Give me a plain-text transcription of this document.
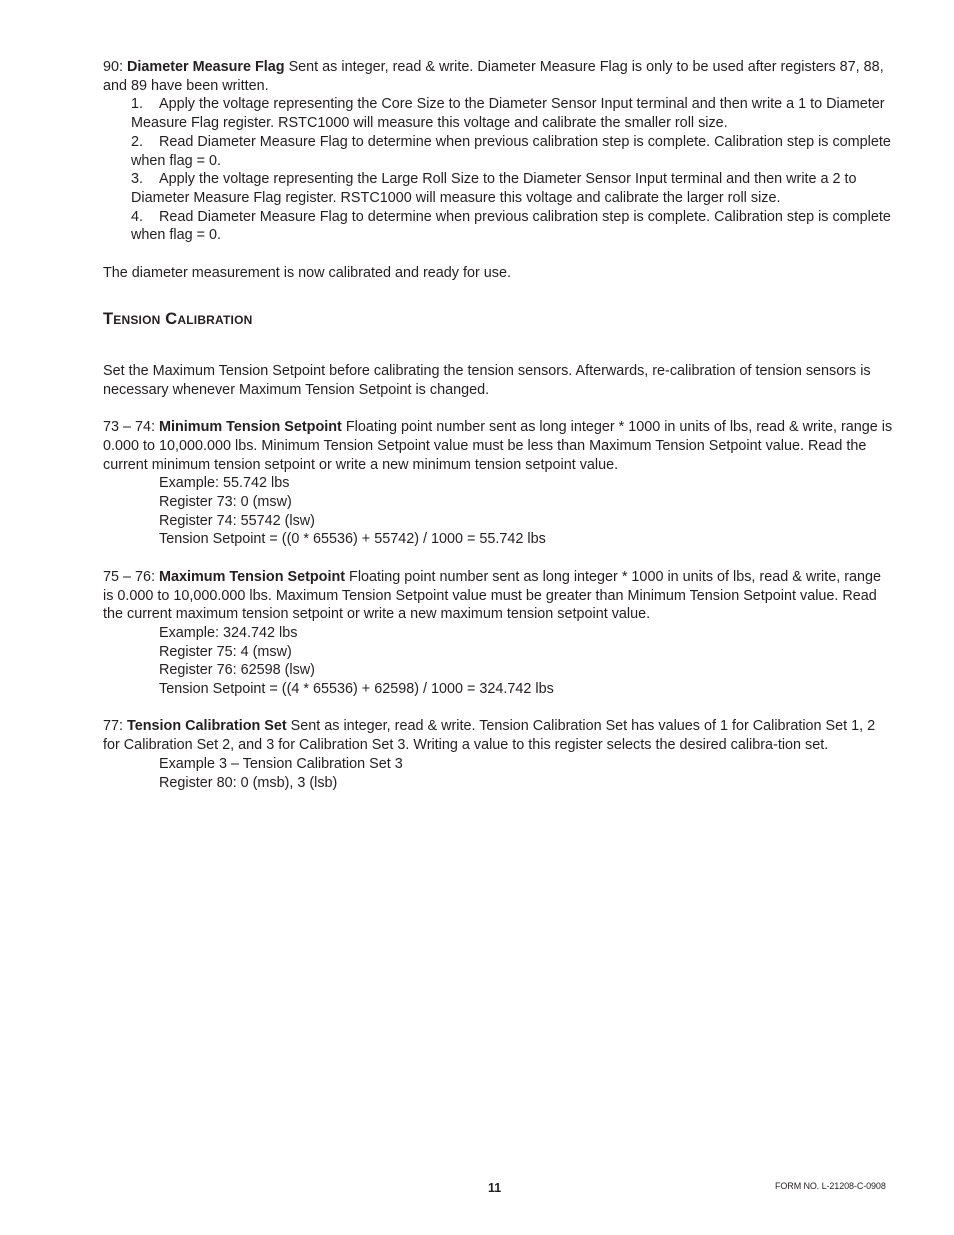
90: Diameter Measure Flag Sent as integer, read & write. Diameter Measure Flag is only to be used after registers 87, 88, and 89 have been written.

1. Apply the voltage representing the Core Size to the Diameter Sensor Input terminal and then write a 1 to Diameter Measure Flag register. RSTC1000 will measure this voltage and calibrate the smaller roll size.

2. Read Diameter Measure Flag to determine when previous calibration step is complete. Calibration step is complete when flag = 0.

3. Apply the voltage representing the Large Roll Size to the Diameter Sensor Input terminal and then write a 2 to Diameter Measure Flag register. RSTC1000 will measure this voltage and calibrate the larger roll size.

4. Read Diameter Measure Flag to determine when previous calibration step is complete. Calibration step is complete when flag = 0.

The diameter measurement is now calibrated and ready for use.

Tension Calibration

Set the Maximum Tension Setpoint before calibrating the tension sensors. Afterwards, re-calibration of tension sensors is necessary whenever Maximum Tension Setpoint is changed.

73 – 74: Minimum Tension Setpoint Floating point number sent as long integer * 1000 in units of lbs, read & write, range is 0.000 to 10,000.000 lbs. Minimum Tension Setpoint value must be less than Maximum Tension Setpoint value. Read the current minimum tension setpoint or write a new minimum tension setpoint value.

Example: 55.742 lbs

Register 73: 0 (msw)

Register 74: 55742 (lsw)

Tension Setpoint = ((0 * 65536) + 55742) / 1000 = 55.742 lbs

75 – 76: Maximum Tension Setpoint Floating point number sent as long integer * 1000 in units of lbs, read & write, range is 0.000 to 10,000.000 lbs. Maximum Tension Setpoint value must be greater than Minimum Tension Setpoint value. Read the current maximum tension setpoint or write a new maximum tension setpoint value.

Example: 324.742 lbs

Register 75: 4 (msw)

Register 76: 62598 (lsw)

Tension Setpoint = ((4 * 65536) + 62598) / 1000 = 324.742 lbs

77: Tension Calibration Set Sent as integer, read & write. Tension Calibration Set has values of 1 for Calibration Set 1, 2 for Calibration Set 2, and 3 for Calibration Set 3. Writing a value to this register selects the desired calibra-tion set.

Example 3 – Tension Calibration Set 3

Register 80: 0 (msb), 3 (lsb)

11	FORM NO. L-21208-C-0908
